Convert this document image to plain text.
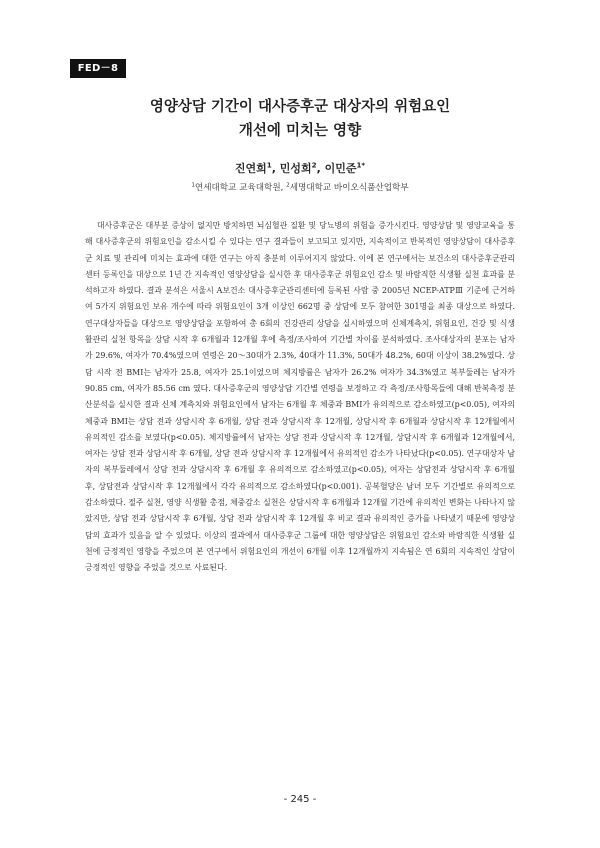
FED－8
영양상담 기간이 대사증후군 대상자의 위험요인
개선에 미치는 영향
진연희$^1$, 민성희$^2$, 이민준$^{1*}$
$^1$연세대학교 교육대학원, $^2$세명대학교 바이오식품산업학부

대사증후군은 대부분 증상이 없지만 방치하면 뇌심혈관 질환 및 당뇨병의 위험을 증가시킨다. 영양상담 및 영양교육을 통해 대사증후군의 위험요인을 감소시킬 수 있다는 연구 결과들이 보고되고 있지만, 지속적이고 반복적인 영양상담이 대사증후군 치료 및 관리에 미치는 효과에 대한 연구는 아직 충분히 이루어지지 않았다. 이에 본 연구에서는 보건소의 대사증후군관리센터 등록인을 대상으로 1년 간 지속적인 영양상담을 실시한 후 대사증후군 위험요인 감소 및 바람직한 식생활 실천 효과를 분석하고자 하였다. 결과 분석은 서울시 A보건소 대사증후군관리센터에 등록된 사람 중 2005년 NCEP-ATPⅢ 기준에 근거하여 5가지 위험요인 보유 개수에 따라 위험요인이 3개 이상인 662명 중 상담에 모두 참여한 301명을 최종 대상으로 하였다. 연구대상자들을 대상으로 영양상담을 포함하여 총 6회의 건강관리 상담을 실시하였으며 신체계측치, 위험요인, 건강 및 식생활관리 실천 항목을 상담 시작 후 6개월과 12개월 후에 측정/조사하여 기간별 차이를 분석하였다. 조사대상자의 분포는 남자가 29.6%, 여자가 70.4%였으며 연령은 20～30대가 2.3%, 40대가 11.3%, 50대가 48.2%, 60대 이상이 38.2%였다. 상담 시작 전 BMI는 남자가 25.8, 여자가 25.1이었으며 체지방률은 남자가 26.2% 여자가 34.3%였고 복부둘레는 남자가 90.85 cm, 여자가 85.56 cm 였다. 대사증후군의 영양상담 기간별 연령을 보정하고 각 측정/조사항목들에 대해 반복측정 분산분석을 실시한 결과 신체 계측치와 위험요인에서 남자는 6개월 후 체중과 BMI가 유의적으로 감소하였고(p<0.05), 여자의 체중과 BMI는 상담 전과 상담시작 후 6개월, 상담 전과 상담시작 후 12개월, 상담시작 후 6개월과 상담시작 후 12개월에서 유의적인 감소를 보였다(p<0.05). 체지방률에서 남자는 상담 전과 상담시작 후 12개월, 상담시작 후 6개월과 12개월에서, 여자는 상담 전과 상담시작 후 6개월, 상담 전과 상담시작 후 12개월에서 유의적인 감소가 나타났다(p<0.05). 연구대상자 남자의 복부둘레에서 상담 전과 상담시작 후 6개월 후 유의적으로 감소하였고(p<0.05), 여자는 상담전과 상담시작 후 6개월 후, 상담전과 상담시작 후 12개월에서 각각 유의적으로 감소하였다(p<0.001). 공복혈당은 남녀 모두 기간별로 유의적으로 감소하였다. 절주 실천, 영양 식생활 총점, 체중감소 실천은 상담시작 후 6개월과 12개월 기간에 유의적인 변화는 나타나지 않았지만, 상담 전과 상담시작 후 6개월, 상담 전과 상담시작 후 12개월 후 비교 결과 유의적인 증가를 나타냈기 때문에 영양상담의 효과가 있음을 알 수 있었다. 이상의 결과에서 대사증후군 그룹에 대한 영양상담은 위험요인 감소와 바람직한 식생활 실천에 긍정적인 영향을 주었으며 본 연구에서 위험요인의 개선이 6개월 이후 12개월까지 지속됨은 연 6회의 지속적인 상담이 긍정적인 영향을 주었을 것으로 사료된다.

- 245 -
